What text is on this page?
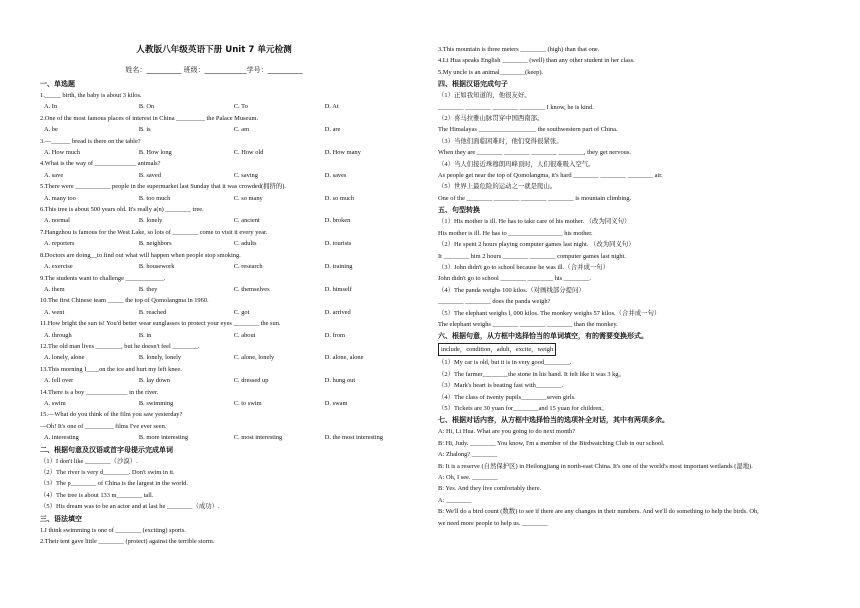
人教版八年级英语下册 Unit 7 单元检测
姓名：__________ 班级：____________学号：__________
一、单选题
1._____ birth, the baby is about 3 kilos.
A. In	B. On	C. To	D. At
2.One of the most famous places of interest in China _________ the Palace Museum.
A. be	B. is	C. am	D. are
3.—______ bread is there on the table?
A. How much	B. How long	C. How old	D. How many
4.What is the way of _____________ animals?
A. save	B. saved	C. saving	D. saves
5.There were ___________ people in the supermarket last Sunday that it was crowded(拥挤的).
A. many too	B. too much	C. so many	D. so much
6.This tree is about 500 years old. It's really a(n) ________ tree.
A. normal	B. lonely	C. ancient	D. broken
7.Hangzhou is famous for the West Lake, so lots of ________ come to visit it every year.
A. reporters	B. neighbors	C. adults	D. tourists
8.Doctors are doing__to find out what will happen when people stop smoking.
A. exercise	B. housework	C. research	D. training
9.The students want to challenge ____________.
A. them	B. they	C. themselves	D. himself
10.The first Chinese team _____ the top of Qomolangma in 1960.
A. went	B. reached	C. got	D. arrived
11.How bright the sun is! You'd better wear sunglasses to protect your eyes ________ the sun.
A. through	B. in	C. about	D. from
12.The old man lives ________, but he doesn't feel ________.
A. lonely, alone	B. lonely, lonely	C. alone, lonely	D. alone, alone
13.This morning I____on the ice and hurt my left knee.
A. fell over	B. lay down	C. dressed up	D. hung out
14.There is a boy _____________ in the river.
A. swim	B. swimming	C. to swim	D. swam
15.—What do you think of the film you saw yesterday?
—Oh! It's one of _________ films I've ever seen.
A. interesting	B. more interesting	C. most interesting	D. the most interesting
二、根据句意及汉语或首字母提示完成单词
（1）I don't like ________（沙漠）.
（2）The river is very d________. Don't swim in it.
（3）The p________ of China is the largest in the world.
（4）The tree is about 133 m________ tall.
（5）His dream was to be an actor and at last he ________（成功）.
三、语法填空
1.I think swimming is one of ________ (exciting) sports.
2.Their tent gave little ________ (protect) against the terrible storm.
3.This mountain is three meters ________ (high) than that one.
4.Li Hua speaks English ________ (well) than any other student in her class.
5.My uncle is an animal________(keep).
四、根据汉语完成句子
（1）正如我知道的，他很友好。
________ ________ ________ ________ I know, he is kind.
（2）喜马拉雅山脉贯穿中国西南部。
The Himalayas __________________ the southwestern part of China.
（3）当他们面临困难时，他们变得很紧张。
When they are ________ ________ ________ ________, they get nervous.
（4）当人们接近珠穆朗玛峰顶时，人们很难吸入空气。
As people get near the top of Qomolangma, it's hard ________ ________ ________ air.
（5）世界上最危险的运动之一就是爬山。
One of the ________ ________ ________ ________ is mountain climbing.
五、句型转换
（1）His mother is ill. He has to take care of his mother. （改为同义句）
His mother is ill. He has to _________________ his mother.
（2）He spent 2 hours playing computer games last night. （改为同义句）
It ________ him 2 hours ________ ________ computer games last night.
（3）John didn't go to school because he was ill.（合并成一句）
John didn't go to school ________ ________ his ________.
（4）The panda weighs 100 kilos.（对画线部分提问）
________ ________ does the panda weigh?
（5）The elephant weighs l, 000 kilos. The monkey weighs 57 kilos.（合并成一句）
The elephant weighs ________ ________ ________ than the monkey.
六、根据句意，从方框中选择恰当的单词填空，有的需要变换形式。
include，condition，adult，excite，weigh
（1）My car is old, but it is in very good________.
（2）The farmer________the stone in his hand. It felt like it was 3 kg。
（3）Mark's heart is beating fast with________.
（4）The class of twenty pupils________seven girls.
（5）Tickets are 30 yuan for________and 15 yuan for children。
七、根据对话内容，从方框中选择恰当的选项补全对话，其中有两项多余。
A: Hi, Li Hua. What are you going to do next month?
B: Hi, Judy. ________ You know, I'm a member of the Birdwatching Club in our school.
A: Zhalong? ________
B: It is a reserve (自然保护区) in Heilongjiang in north-east China. It's one of the world's most important wetlands (湿地).
A: Oh, I see. ________
B: Yes. And they live comfortably there.
A: ________
B: We'll do a bird count (数数) to see if there are any changes in their numbers. And we'll do something to help the birds. Oh,
we need more people to help us. ________
